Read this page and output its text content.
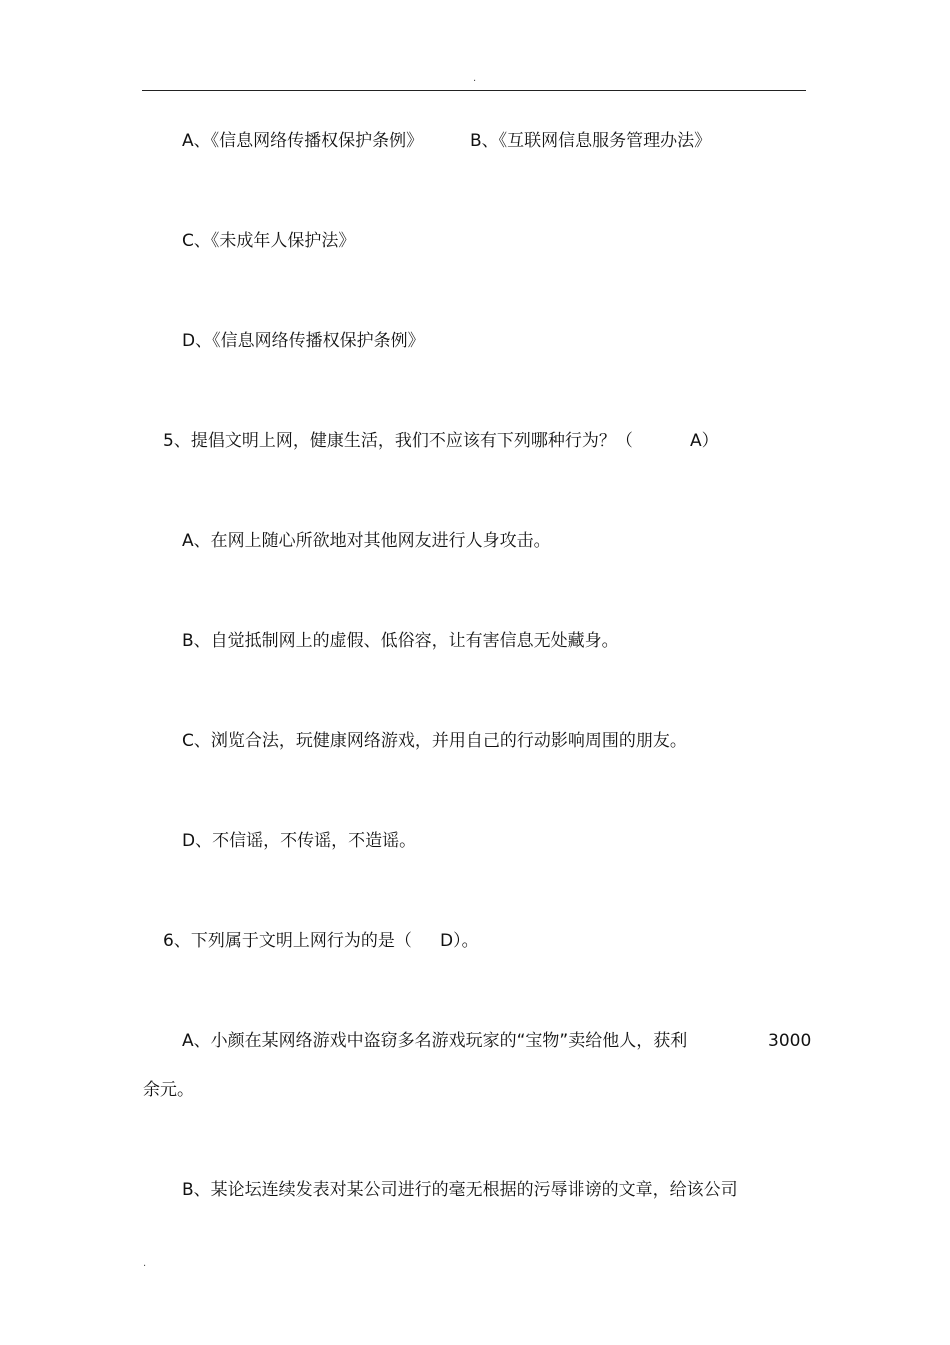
.
A、《信息网络传播权保护条例》	B、《互联网信息服务管理办法》
C、《未成年人保护法》
D、《信息网络传播权保护条例》
5、提倡文明上网，健康生活，我们不应该有下列哪种行为？（	A）
A、在网上随心所欲地对其他网友进行人身攻击。
B、自觉抵制网上的虚假、低俗容，让有害信息无处藏身。
C、浏览合法，玩健康网络游戏，并用自己的行动影响周围的朋友。
D、不信谣，不传谣，不造谣。
6、下列属于文明上网行为的是（ D）。
A、小颜在某网络游戏中盗窃多名游戏玩家的“宝物”卖给他人，获利	3000
余元。
B、某论坛连续发表对某公司进行的毫无根据的污辱诽谤的文章，给该公司
.
